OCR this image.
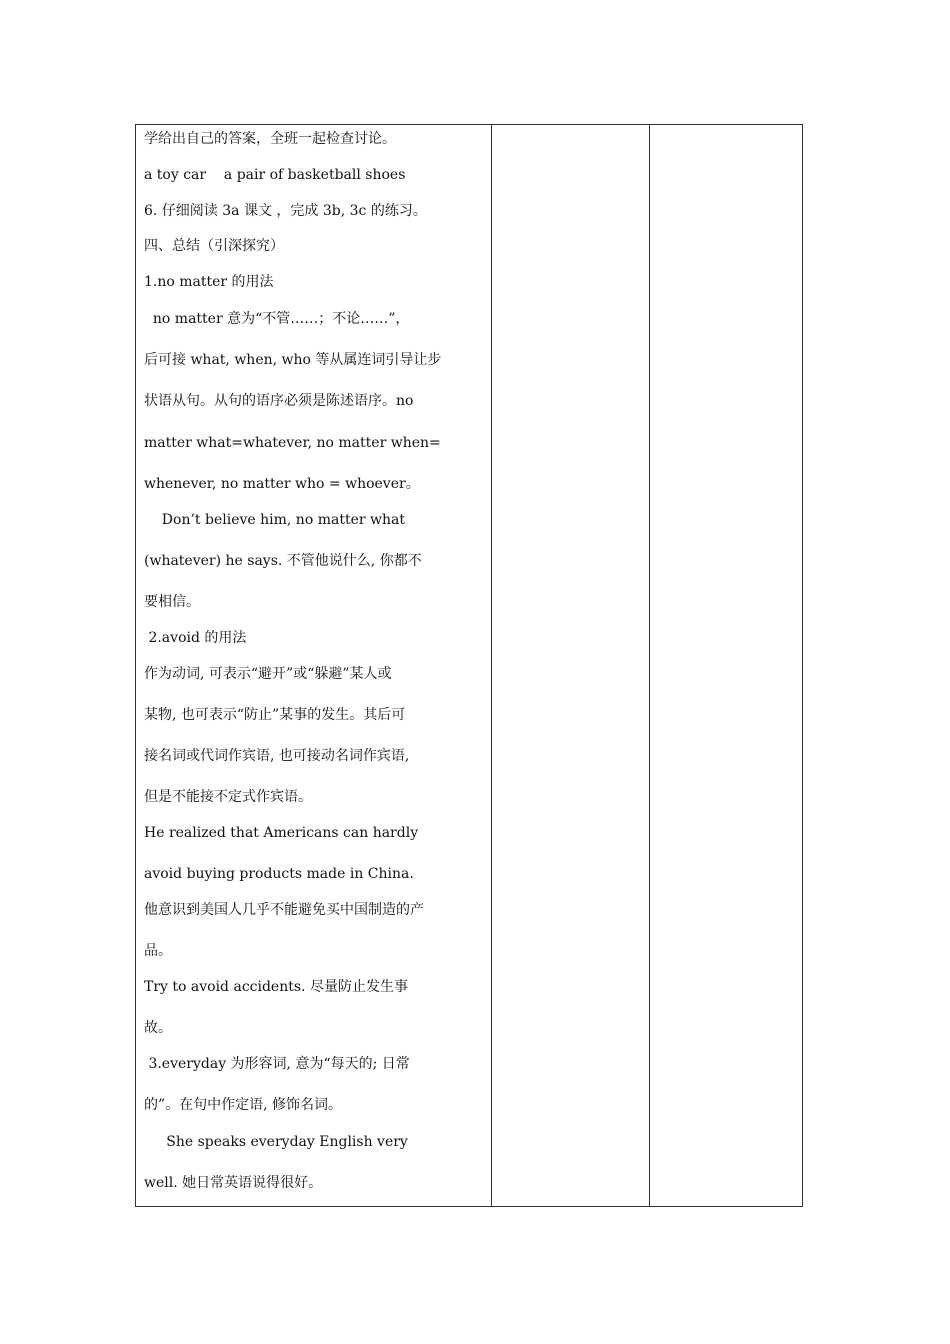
学给出自己的答案，全班一起检查讨论。
a toy car    a pair of basketball shoes
6. 仔细阅读 3a 课文 ，完成 3b, 3c 的练习。
四、总结（引深探究）
1.no matter 的用法
no matter 意为“不管……；不论……”，
后可接 what, when, who 等从属连词引导让步
状语从句。从句的语序必须是陈述语序。no
matter what=whatever, no matter when=
whenever, no matter who = whoever。
Don’t believe him, no matter what
(whatever) he says. 不管他说什么, 你都不
要相信。
2.avoid 的用法
作为动词, 可表示“避开”或“躲避”某人或
某物, 也可表示“防止”某事的发生。其后可
接名词或代词作宾语, 也可接动名词作宾语,
但是不能接不定式作宾语。
He realized that Americans can hardly
avoid buying products made in China.
他意识到美国人几乎不能避免买中国制造的产
品。
Try to avoid accidents. 尽量防止发生事
故。
3.everyday 为形容词, 意为“每天的; 日常
的”。在句中作定语, 修饰名词。
She speaks everyday English very
well. 她日常英语说得很好。
